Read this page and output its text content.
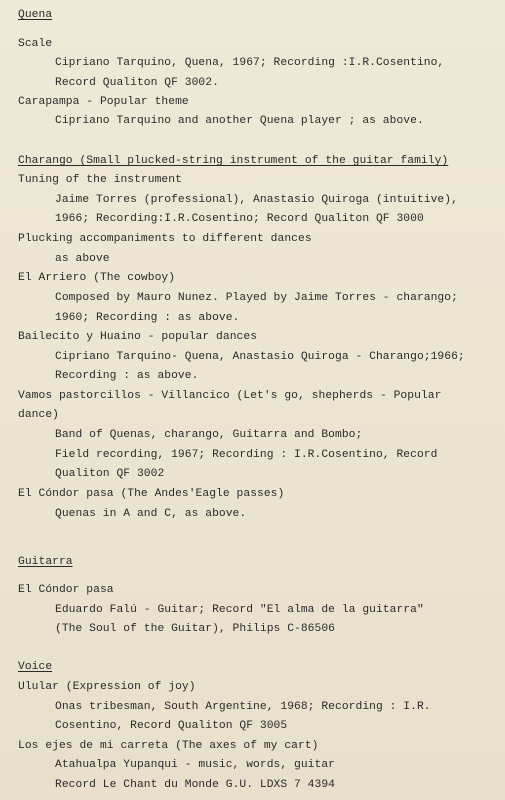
Quena
Scale
Cipriano Tarquino, Quena, 1967; Recording :I.R.Cosentino,
Record Qualiton QF 3002.
Carapampa - Popular theme
Cipriano Tarquino and another Quena player ; as above.
Charango (Small plucked-string instrument of the guitar family)
Tuning of the instrument
Jaime Torres (professional), Anastasio Quiroga (intuitive),
1966; Recording:I.R.Cosentino; Record Qualiton QF 3000
Plucking accompaniments to different dances
as above
El Arriero (The cowboy)
Composed by Mauro Nunez. Played by Jaime Torres - charango;
1960; Recording : as above.
Bailecito y Huaino - popular dances
Cipriano Tarquino- Quena, Anastasio Quiroga - Charango;1966;
Recording : as above.
Vamos pastorcillos - Villancico (Let's go, shepherds - Popular
dance)
Band of Quenas, charango, Guitarra and Bombo;
Field recording, 1967; Recording : I.R.Cosentino, Record
Qualiton QF 3002
El Cóndor pasa (The Andes'Eagle passes)
Quenas in A and C, as above.
Guitarra
El Cóndor pasa
Eduardo Falú - Guitar; Record "El alma de la guitarra"
(The Soul of the Guitar), Philips C-86506
Voice
Ulular (Expression of joy)
Onas tribesman, South Argentine, 1968; Recording : I.R.
Cosentino, Record Qualiton QF 3005
Los ejes de mi carreta (The axes of my cart)
Atahualpa Yupanqui - music, words, guitar
Record Le Chant du Monde G.U. LDXS 7 4394
